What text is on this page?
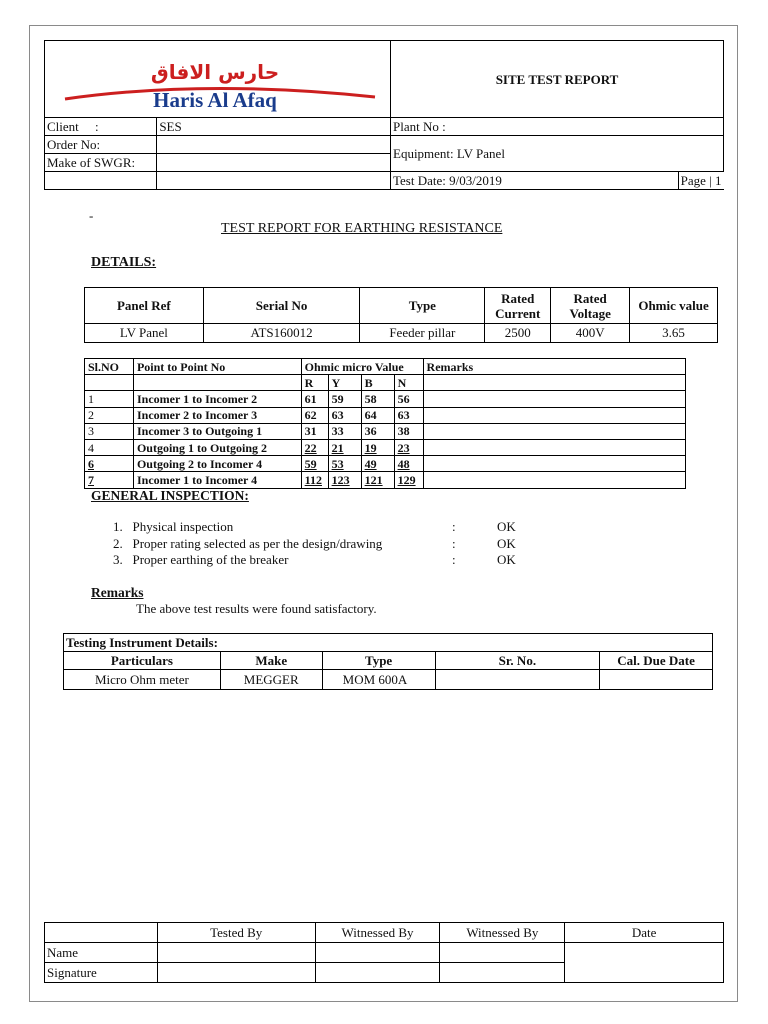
حارس الافاق
Haris Al Afaq		SITE TEST REPORT	
Client     :	SES	Plant No :	
Order No:		Equipment: LV Panel	
Make of SWGR:			
		Test Date: 9/03/2019	Page | 1
-
TEST REPORT FOR EARTHING RESISTANCE
DETAILS:
Panel Ref	Serial No	Type	Rated Current	Rated Voltage	Ohmic value
LV Panel	ATS160012	Feeder pillar	2500	400V	3.65
Sl.NO	Point to Point No	Ohmic micro Value				Remarks
		R	Y	B	N	
1	Incomer 1 to Incomer 2	61	59	58	56	
2	Incomer 2 to Incomer 3	62	63	64	63	
3	Incomer 3 to Outgoing 1	31	33	36	38	
4	Outgoing 1 to Outgoing 2	22	21	19	23	
6	Outgoing 2 to Incomer 4	59	53	49	48	
7	Incomer 1 to Incomer 4	112	123	121	129	
GENERAL INSPECTION:
1.   Physical inspection	:	OK
2.   Proper rating selected as per the design/drawing	:	OK
3.   Proper earthing of the breaker	:	OK
Remarks
The above test results were found satisfactory.
Testing Instrument Details:				
Particulars	Make	Type	Sr. No.	Cal. Due Date
Micro Ohm meter	MEGGER	MOM 600A		
	Tested By	Witnessed By	Witnessed By	Date
Name				
Signature				
